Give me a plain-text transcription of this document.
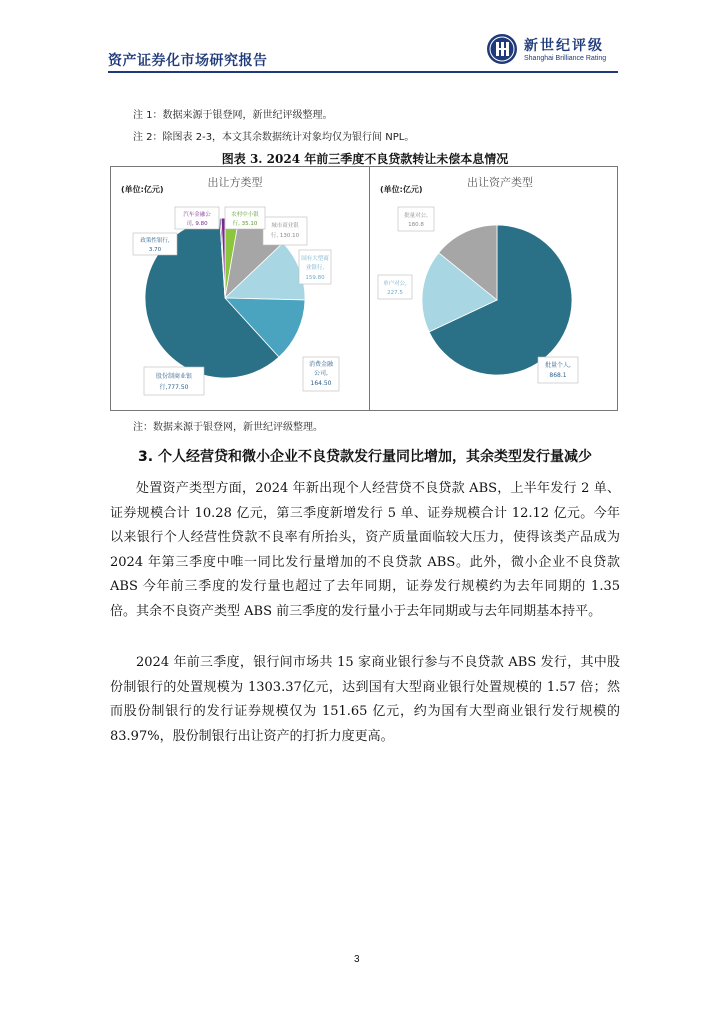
资产证券化市场研究报告
新世纪评级
Shanghai Brilliance Rating
注 1：数据来源于银登网，新世纪评级整理。
注 2：除图表 2-3，本文其余数据统计对象均仅为银行间 NPL。
图表 3. 2024 年前三季度不良贷款转让未偿本息情况
出让方类型
(单位:亿元)
股份制商业银
行,777.50
消费金融
公司,
164.50
国有大型商
业银行,
159.80
城市商业银
行, 130.10
农村中小银
行, 35.10
汽车金融公
司, 9.80
政策性银行,
3.70
出让资产类型
(单位:亿元)
批量个人,
868.1
单户对公,
227.5
批量对公,
180.8
注：数据来源于银登网，新世纪评级整理。
3. 个人经营贷和微小企业不良贷款发行量同比增加，其余类型发行量减少
处置资产类型方面，2024 年新出现个人经营贷不良贷款 ABS，上半年发行 2 单、证券规模合计 10.28 亿元，第三季度新增发行 5 单、证券规模合计 12.12 亿元。今年以来银行个人经营性贷款不良率有所抬头，资产质量面临较大压力，使得该类产品成为 2024 年第三季度中唯一同比发行量增加的不良贷款 ABS。此外，微小企业不良贷款 ABS 今年前三季度的发行量也超过了去年同期，证券发行规模约为去年同期的 1.35 倍。其余不良资产类型 ABS 前三季度的发行量小于去年同期或与去年同期基本持平。
2024 年前三季度，银行间市场共 15 家商业银行参与不良贷款 ABS 发行，其中股份制银行的处置规模为 1303.37亿元，达到国有大型商业银行处置规模的 1.57 倍；然而股份制银行的发行证券规模仅为 151.65 亿元，约为国有大型商业银行发行规模的 83.97%，股份制银行出让资产的打折力度更高。
3
